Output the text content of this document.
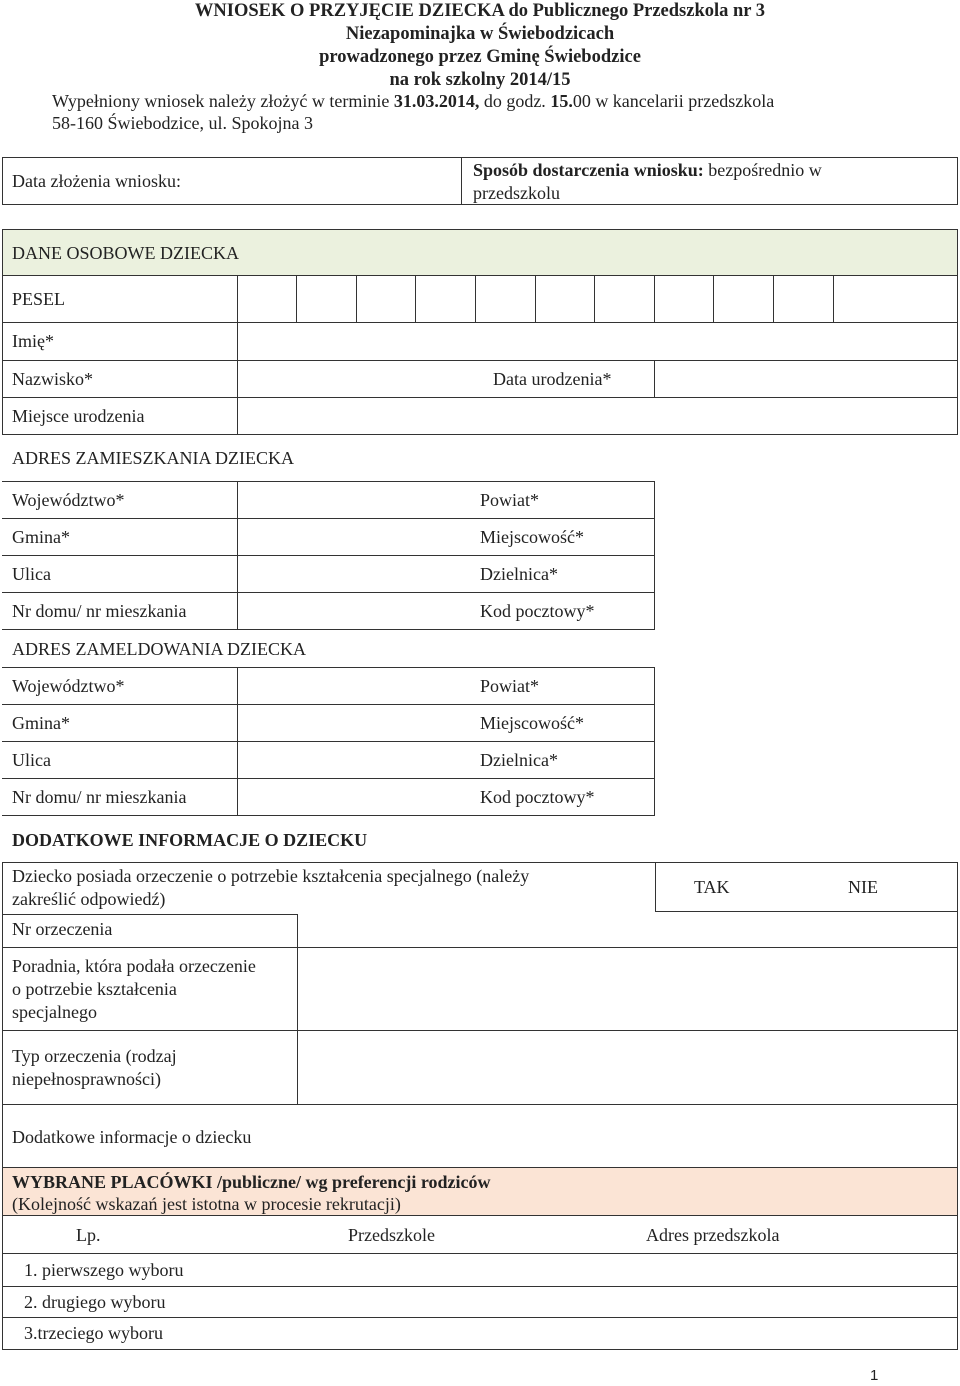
WNIOSEK O PRZYJĘCIE DZIECKA do Publicznego Przedszkola nr 3
Niezapominajka w Świebodzicach
prowadzonego przez Gminę Świebodzice
na rok szkolny 2014/15
Wypełniony wniosek należy złożyć w terminie 31.03.2014, do godz. 15.00 w kancelarii przedszkola
58-160 Świebodzice, ul. Spokojna 3
Data złożenia wniosku:
Sposób dostarczenia wniosku: bezpośrednio w
przedszkolu
DANE OSOBOWE DZIECKA
PESEL
Imię*
Nazwisko*	Data urodzenia*
Miejsce urodzenia
ADRES ZAMIESZKANIA DZIECKA
Województwo*	Powiat*
Gmina*	Miejscowość*
Ulica	Dzielnica*
Nr domu/ nr mieszkania	Kod pocztowy*
ADRES ZAMELDOWANIA DZIECKA
Województwo*	Powiat*
Gmina*	Miejscowość*
Ulica	Dzielnica*
Nr domu/ nr mieszkania	Kod pocztowy*
DODATKOWE INFORMACJE O DZIECKU
Dziecko posiada orzeczenie o potrzebie kształcenia specjalnego (należy
zakreślić odpowiedź)
TAK	NIE
Nr orzeczenia
Poradnia, która podała orzeczenie
o potrzebie kształcenia
specjalnego
Typ orzeczenia (rodzaj
niepełnosprawności)
Dodatkowe informacje o dziecku
WYBRANE PLACÓWKI /publiczne/ wg preferencji rodziców
(Kolejność wskazań jest istotna w procesie rekrutacji)
Lp.	Przedszkole	Adres przedszkola
1. pierwszego wyboru
2. drugiego wyboru
3.trzeciego wyboru
1
